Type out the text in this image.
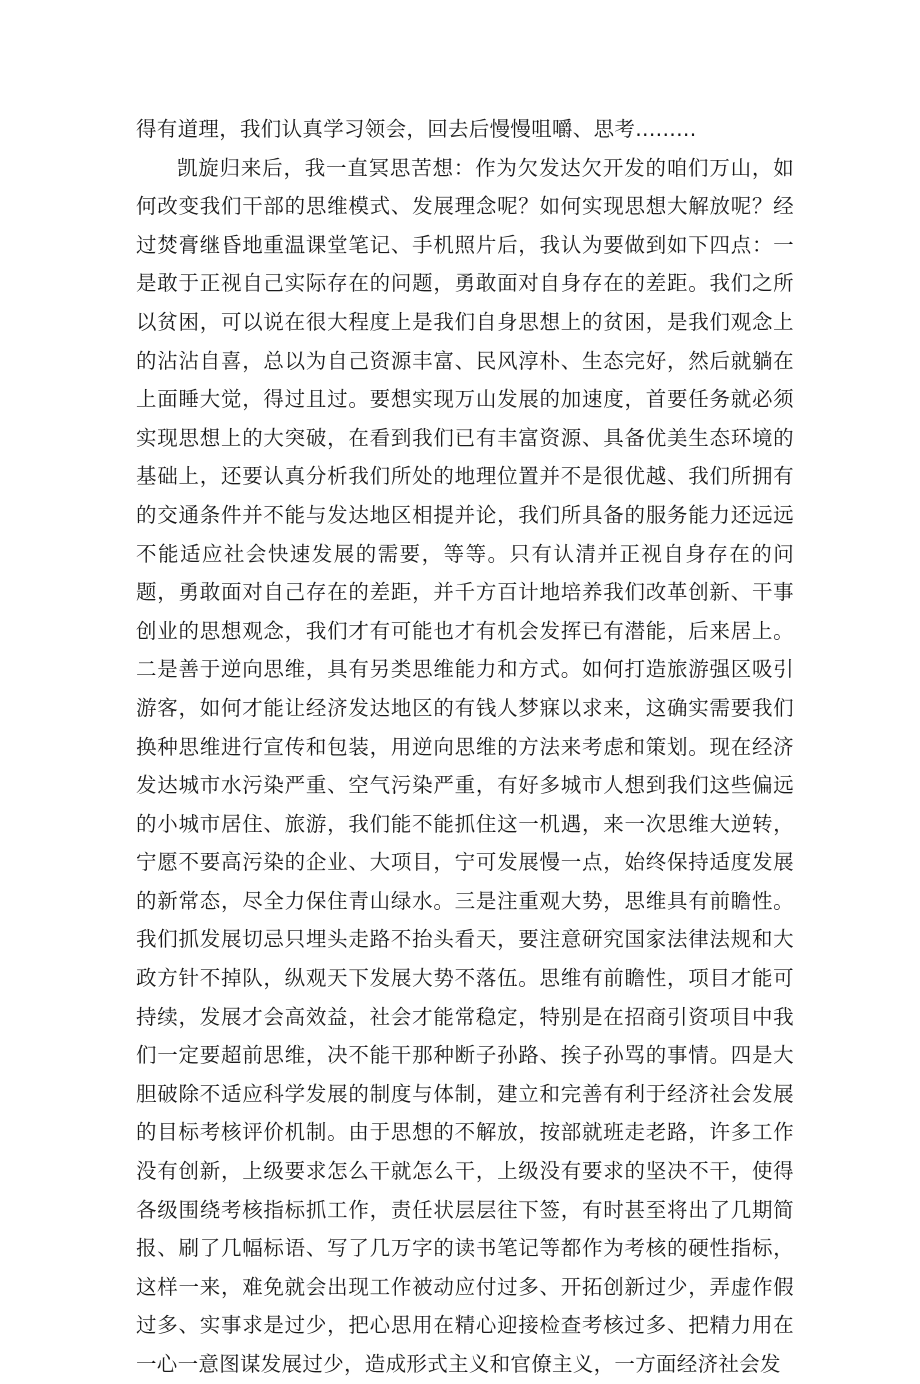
得有道理，我们认真学习领会，回去后慢慢咀嚼、思考.........

凯旋归来后，我一直冥思苦想：作为欠发达欠开发的咱们万山，如何改变我们干部的思维模式、发展理念呢？如何实现思想大解放呢？经过焚膏继昏地重温课堂笔记、手机照片后，我认为要做到如下四点：一是敢于正视自己实际存在的问题，勇敢面对自身存在的差距。我们之所以贫困，可以说在很大程度上是我们自身思想上的贫困，是我们观念上的沾沾自喜，总以为自己资源丰富、民风淳朴、生态完好，然后就躺在上面睡大觉，得过且过。要想实现万山发展的加速度，首要任务就必须实现思想上的大突破，在看到我们已有丰富资源、具备优美生态环境的基础上，还要认真分析我们所处的地理位置并不是很优越、我们所拥有的交通条件并不能与发达地区相提并论，我们所具备的服务能力还远远不能适应社会快速发展的需要，等等。只有认清并正视自身存在的问题，勇敢面对自己存在的差距，并千方百计地培养我们改革创新、干事创业的思想观念，我们才有可能也才有机会发挥已有潜能，后来居上。二是善于逆向思维，具有另类思维能力和方式。如何打造旅游强区吸引游客，如何才能让经济发达地区的有钱人梦寐以求来，这确实需要我们换种思维进行宣传和包装，用逆向思维的方法来考虑和策划。现在经济发达城市水污染严重、空气污染严重，有好多城市人想到我们这些偏远的小城市居住、旅游，我们能不能抓住这一机遇，来一次思维大逆转，宁愿不要高污染的企业、大项目，宁可发展慢一点，始终保持适度发展的新常态，尽全力保住青山绿水。三是注重观大势，思维具有前瞻性。我们抓发展切忌只埋头走路不抬头看天，要注意研究国家法律法规和大政方针不掉队，纵观天下发展大势不落伍。思维有前瞻性，项目才能可持续，发展才会高效益，社会才能常稳定，特别是在招商引资项目中我们一定要超前思维，决不能干那种断子孙路、挨子孙骂的事情。四是大胆破除不适应科学发展的制度与体制，建立和完善有利于经济社会发展的目标考核评价机制。由于思想的不解放，按部就班走老路，许多工作没有创新，上级要求怎么干就怎么干，上级没有要求的坚决不干，使得各级围绕考核指标抓工作，责任状层层往下签，有时甚至将出了几期简报、刷了几幅标语、写了几万字的读书笔记等都作为考核的硬性指标，这样一来，难免就会出现工作被动应付过多、开拓创新过少，弄虚作假过多、实事求是过少，把心思用在精心迎接检查考核过多、把精力用在一心一意图谋发展过少，造成形式主义和官僚主义，一方面经济社会发
